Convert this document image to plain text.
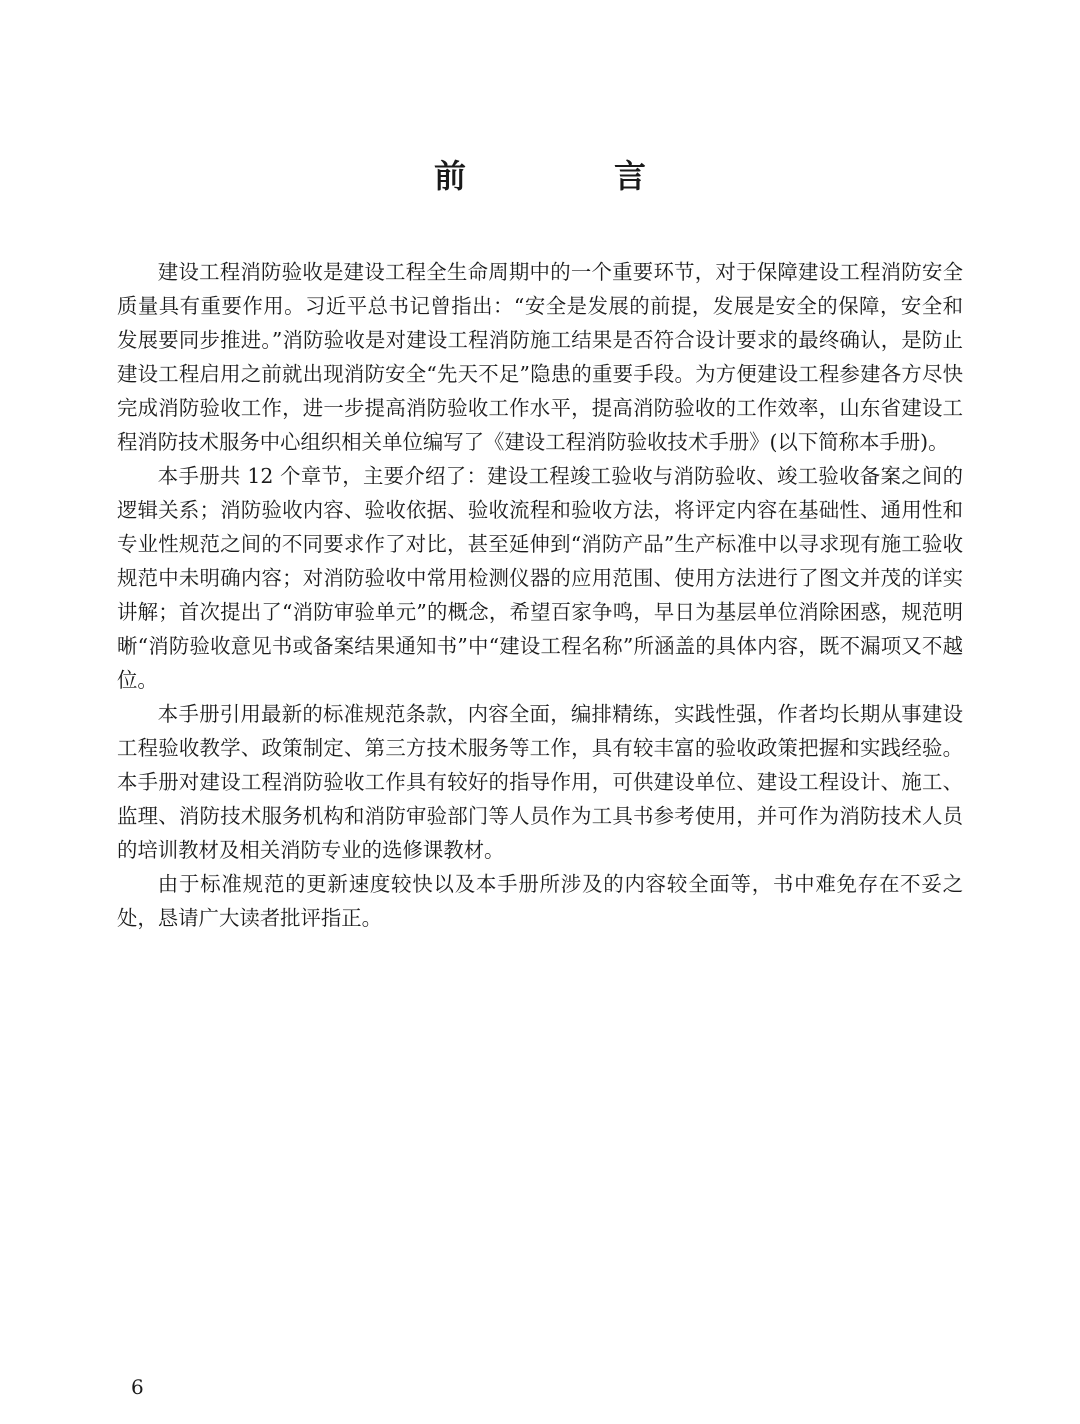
前　言

建设工程消防验收是建设工程全生命周期中的一个重要环节，对于保障建设工程消防安全质量具有重要作用。习近平总书记曾指出：“安全是发展的前提，发展是安全的保障，安全和发展要同步推进。”消防验收是对建设工程消防施工结果是否符合设计要求的最终确认，是防止建设工程启用之前就出现消防安全“先天不足”隐患的重要手段。为方便建设工程参建各方尽快完成消防验收工作，进一步提高消防验收工作水平，提高消防验收的工作效率，山东省建设工程消防技术服务中心组织相关单位编写了《建设工程消防验收技术手册》(以下简称本手册)。

本手册共 12 个章节，主要介绍了：建设工程竣工验收与消防验收、竣工验收备案之间的逻辑关系；消防验收内容、验收依据、验收流程和验收方法，将评定内容在基础性、通用性和专业性规范之间的不同要求作了对比，甚至延伸到“消防产品”生产标准中以寻求现有施工验收规范中未明确内容；对消防验收中常用检测仪器的应用范围、使用方法进行了图文并茂的详实讲解；首次提出了“消防审验单元”的概念，希望百家争鸣，早日为基层单位消除困惑，规范明晰“消防验收意见书或备案结果通知书”中“建设工程名称”所涵盖的具体内容，既不漏项又不越位。

本手册引用最新的标准规范条款，内容全面，编排精练，实践性强，作者均长期从事建设工程验收教学、政策制定、第三方技术服务等工作，具有较丰富的验收政策把握和实践经验。本手册对建设工程消防验收工作具有较好的指导作用，可供建设单位、建设工程设计、施工、监理、消防技术服务机构和消防审验部门等人员作为工具书参考使用，并可作为消防技术人员的培训教材及相关消防专业的选修课教材。

由于标准规范的更新速度较快以及本手册所涉及的内容较全面等，书中难免存在不妥之处，恳请广大读者批评指正。

6
